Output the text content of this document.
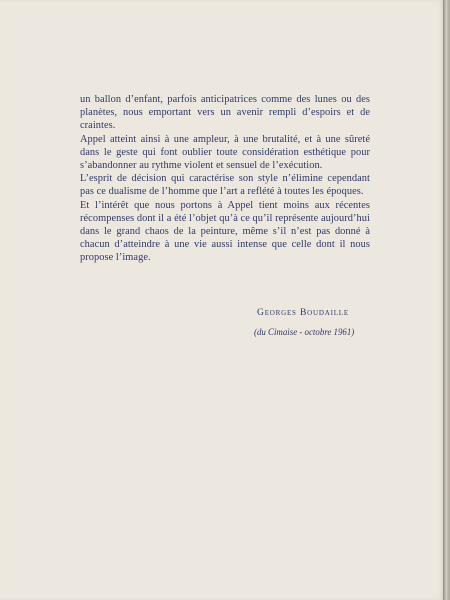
un ballon d’enfant, parfois anticipatrices comme des lunes ou des planètes, nous emportant vers un avenir rempli d’espoirs et de craintes.

Appel atteint ainsi à une ampleur, à une brutalité, et à une sûreté dans le geste qui font oublier toute considération esthétique pour s’abandonner au rythme violent et sensuel de l’exécution.

L’esprit de décision qui caractérise son style n’élimine cependant pas ce dualisme de l’homme que l’art a reflété à toutes les époques.

Et l’intérêt que nous portons à Appel tient moins aux récentes récompenses dont il a été l’objet qu’à ce qu’il représente aujourd’hui dans le grand chaos de la peinture, même s’il n’est pas donné à chacun d’atteindre à une vie aussi intense que celle dont il nous propose l’image.

Georges Boudaille
(du Cimaise - octobre 1961)
